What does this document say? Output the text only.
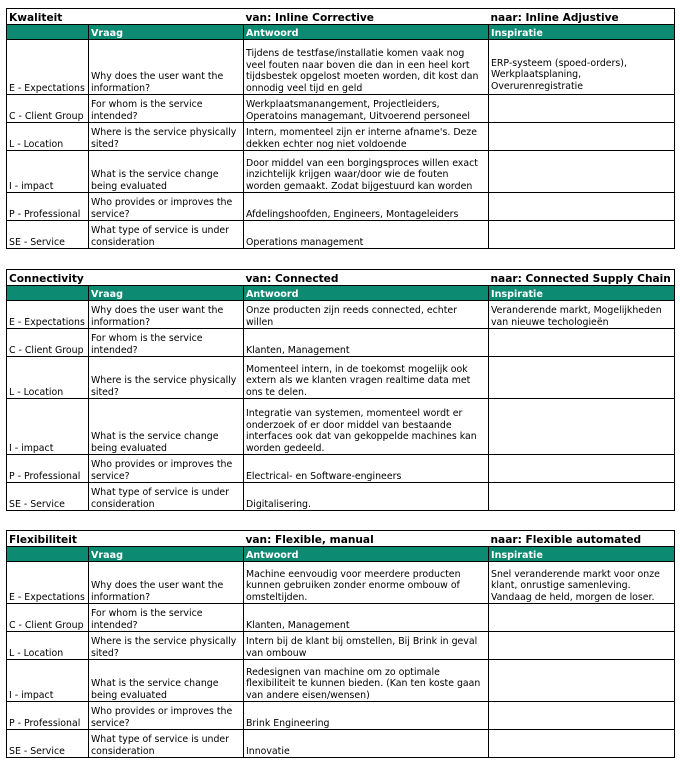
Kwaliteit		van: Inline Corrective	naar: Inline Adjustive
	Vraag	Antwoord	Inspiratie
E - Expectations	Why does the user want the information?	Tijdens de testfase/installatie komen vaak nog veel fouten naar boven die dan in een heel kort tijdsbestek opgelost moeten worden, dit kost dan onnodig veel tijd en geld	ERP-systeem (spoed-orders), Werkplaatsplaning, Overurenregistratie
C - Client Group	For whom is the service intended?	Werkplaatsmanangement, Projectleiders, Operatoins managemant, Uitvoerend personeel	
L - Location	Where is the service physically sited?	Intern, momenteel zijn er interne afname's. Deze dekken echter nog niet voldoende	
I - impact	What is the service change being evaluated	Door middel van een borgingsproces willen exact inzichtelijk krijgen waar/door wie de fouten worden gemaakt. Zodat bijgestuurd kan worden	
P - Professional	Who provides or improves the service?	Afdelingshoofden, Engineers, Montageleiders	
SE - Service	What type of service is under consideration	Operations management	
Connectivity		van: Connected	naar: Connected Supply Chain
	Vraag	Antwoord	Inspiratie
E - Expectations	Why does the user want the information?	Onze producten zijn reeds connected, echter willen	Veranderende markt, Mogelijkheden van nieuwe techologieën
C - Client Group	For whom is the service intended?	Klanten, Management	
L - Location	Where is the service physically sited?	Momenteel intern, in de toekomst mogelijk ook extern als we klanten vragen realtime data met ons te delen.	
I - impact	What is the service change being evaluated	Integratie van systemen, momenteel wordt er onderzoek of er door middel van bestaande interfaces ook dat van gekoppelde machines kan worden gedeeld.	
P - Professional	Who provides or improves the service?	Electrical- en Software-engineers	
SE - Service	What type of service is under consideration	Digitalisering.	
Flexibiliteit		van: Flexible, manual	naar: Flexible automated
	Vraag	Antwoord	Inspiratie
E - Expectations	Why does the user want the information?	Machine eenvoudig voor meerdere producten kunnen gebruiken zonder enorme ombouw of omsteltijden.	Snel veranderende markt voor onze klant, onrustige samenleving. Vandaag de held, morgen de loser.
C - Client Group	For whom is the service intended?	Klanten, Management	
L - Location	Where is the service physically sited?	Intern bij de klant bij omstellen, Bij Brink in geval van ombouw	
I - impact	What is the service change being evaluated	Redesignen van machine om zo optimale flexibiliteit te kunnen bieden. (Kan ten koste gaan van andere eisen/wensen)	
P - Professional	Who provides or improves the service?	Brink Engineering	
SE - Service	What type of service is under consideration	Innovatie	
